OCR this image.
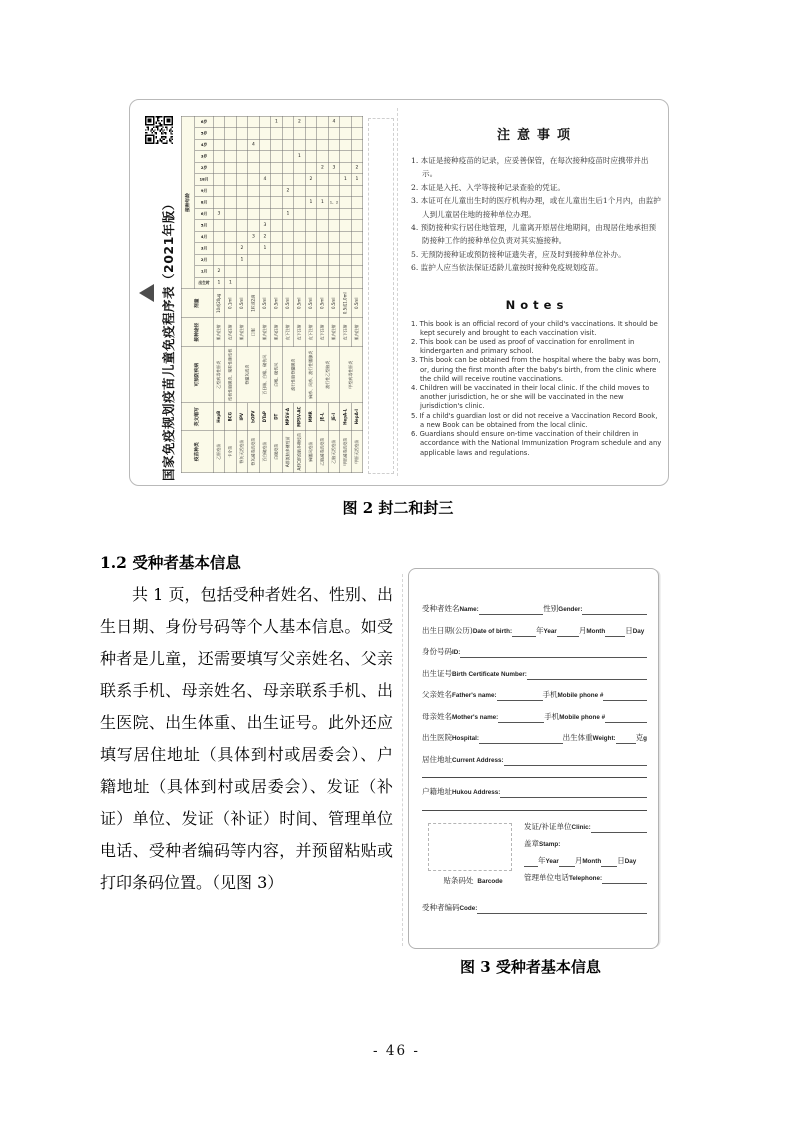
国家免疫规划疫苗儿童免疫程序表（2021年版） 疫苗种类	英文缩写	可预防疾病	接种途径	剂量	接种年龄														
					出生时	1月	2月	3月	4月	5月	6月	8月	9月	18月	2岁	3岁	4岁	5岁	6岁
乙肝疫苗	HepB	乙型病毒性肝炎	肌内注射	10或20μg	1	2					3								
卡介苗	BCG	结核性脑膜炎、粟粒性肺结核	皮内注射	0.1ml	1														
脊灰灭活疫苗	IPV	脊髓灰质炎	肌内注射	0.5ml			1	2											
脊灰减毒活疫苗	bOPV		口服	1粒或2滴					3								4		
百白破疫苗	DTaP	百日咳、白喉、破伤风	肌内注射	0.5ml				1	2	3				4					
白破疫苗	DT	白喉、破伤风	肌内注射	0.5ml															1
A群流脑多糖疫苗	MPSV-A	流行性脑脊髓膜炎	皮下注射	0.5ml							1		2						
A群C群流脑多糖疫苗	MPSV-AC		皮下注射	0.5ml												1			2
麻腮风疫苗	MMR	麻疹、风疹、流行性腮腺炎	皮下注射	0.5ml								1		2					
乙脑减毒活疫苗	JE-L	流行性乙型脑炎	皮下注射	0.5ml								1			2				
乙脑灭活疫苗	JE-I		肌内注射	0.5ml								1、2			3				4
甲肝减毒活疫苗	HepA-L	甲型病毒性肝炎	皮下注射	0.5或1.0ml										1					
甲肝灭活疫苗	HepA-I		肌内注射	0.5ml										1	2				
注意事项
1. 本证是接种疫苗的记录，应妥善保管，在每次接种疫苗时应携带并出示。
2. 本证是入托、入学等接种记录查验的凭证。
3. 本证可在儿童出生时的医疗机构办理，或在儿童出生后1个月内，由监护人到儿童居住地的接种单位办理。
4. 预防接种实行居住地管理，儿童离开原居住地期间，由现居住地承担预防接种工作的接种单位负责对其实施接种。
5. 无预防接种证或预防接种证遗失者，应及时到接种单位补办。
6. 监护人应当依法保证适龄儿童按时接种免疫规划疫苗。
Notes
1. This book is an official record of your child's vaccinations. It should be kept securely and brought to each vaccination visit.
2. This book can be used as proof of vaccination for enrollment in kindergarten and primary school.
3. This book can be obtained from the hospital where the baby was born, or, during the first month after the baby's birth, from the clinic where the child will receive routine vaccinations.
4. Children will be vaccinated in their local clinic. If the child moves to another jurisdiction, he or she will be vaccinated in the new jurisdiction's clinic.
5. If a child's guardian lost or did not receive a Vaccination Record Book, a new Book can be obtained from the local clinic.
6. Guardians should ensure on-time vaccination of their children in accordance with the National Immunization Program schedule and any applicable laws and regulations.
图 2 封二和封三
1.2 受种者基本信息
共 1 页，包括受种者姓名、性别、出生日期、身份号码等个人基本信息。如受种者是儿童，还需要填写父亲姓名、父亲联系手机、母亲姓名、母亲联系手机、出生医院、出生体重、出生证号。此外还应填写居住地址（具体到村或居委会）、户籍地址（具体到村或居委会）、发证（补证）单位、发证（补证）时间、管理单位电话、受种者编码等内容，并预留粘贴或打印条码位置。（见图 3）
受种者姓名Name:	性别Gender:
出生日期(公历)Date of birth:	年Year	月Month	日Day
身份号码ID:
出生证号Birth Certificate Number:
父亲姓名Father's name:	手机Mobile phone #
母亲姓名Mother's name:	手机Mobile phone #
出生医院Hospital:	出生体重Weight:	克g
居住地址Current Address:
户籍地址Hukou Address:
贴条码处 Barcode
发证/补证单位Clinic:
盖章Stamp:
年Year 月Month 日Day
管理单位电话Telephone:
受种者编码Code:
图 3 受种者基本信息
- 46 -
